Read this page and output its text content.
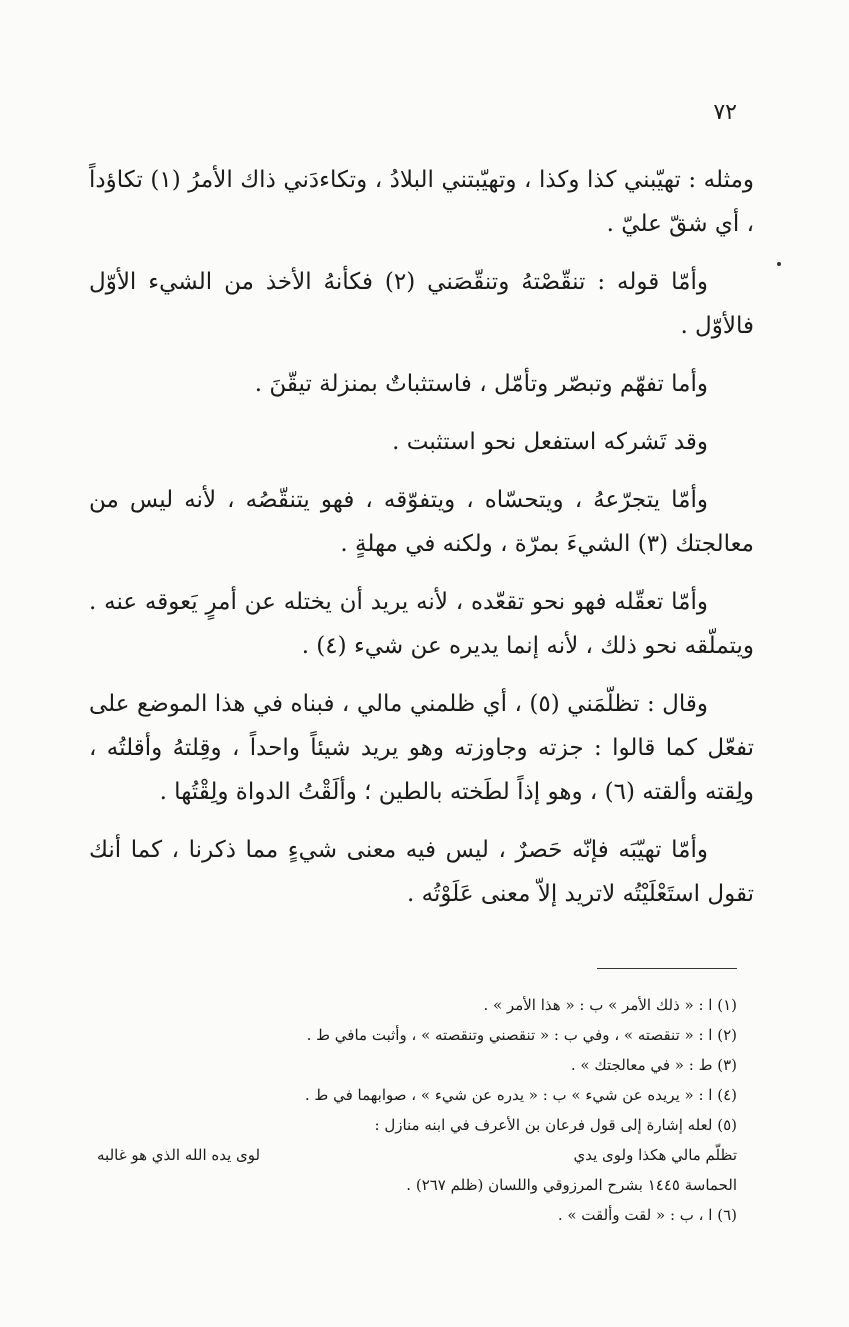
٧٢

ومثله : تهيّبني كذا وكذا ، وتهيّبتني البلادُ ، وتكاءدَني ذاك الأمرُ (١) تكاؤداً ، أي شقّ عليّ .

وأمّا قوله : تنقّصْتهُ وتنقّصَني (٢) فكأنهُ الأخذ من الشيء الأوّل فالأوّل .

وأما تفهّم وتبصّر وتأمّل ، فاستثباتٌ بمنزلة تيقّنَ .

وقد تَشركه استفعل نحو استثبت .

وأمّا يتجرّعهُ ، ويتحسّاه ، ويتفوّقه ، فهو يتنقّصُه ، لأنه ليس من معالجتك (٣) الشيءَ بمرّة ، ولكنه في مهلةٍ .

وأمّا تعقّله فهو نحو تقعّده ، لأنه يريد أن يختله عن أمرٍ يَعوقه عنه . ويتملّقه نحو ذلك ، لأنه إنما يديره عن شيء (٤) .

وقال : تظلّمَني (٥) ، أي ظلمني مالي ، فبناه في هذا الموضع على تفعّل كما قالوا : جزته وجاوزته وهو يريد شيئاً واحداً ، وقِلتهُ وأقلتُه ، ولِقته وألقته (٦) ، وهو إذاً لطَخته بالطين ؛ وألَقْتُ الدواة ولِقْتُها .

وأمّا تهيّبَه فإنّه حَصرٌ ، ليس فيه معنى شيءٍ مما ذكرنا ، كما أنك تقول استَعْلَيْتُه لاتريد إلاّ معنى عَلَوْتُه .

(١) ا : « ذلك الأمر » ب : « هذا الأمر » .

(٢) ا : « تنقصته » ، وفي ب : « تنقصني وتنقصته » ، وأثبت مافي ط .

(٣) ط : « في معالجتك » .

(٤) ا : « يريده عن شيء » ب : « يدره عن شيء » ، صوابهما في ط .

(٥) لعله إشارة إلى قول فرعان بن الأعرف في ابنه منازل :

تظلّم مالي هكذا ولوى يدي
لوى يده الله الذي هو غالبه

الحماسة ١٤٤٥ بشرح المرزوقي واللسان (ظلم ٢٦٧) .

(٦) ا ، ب : « لقت وألقت » .
